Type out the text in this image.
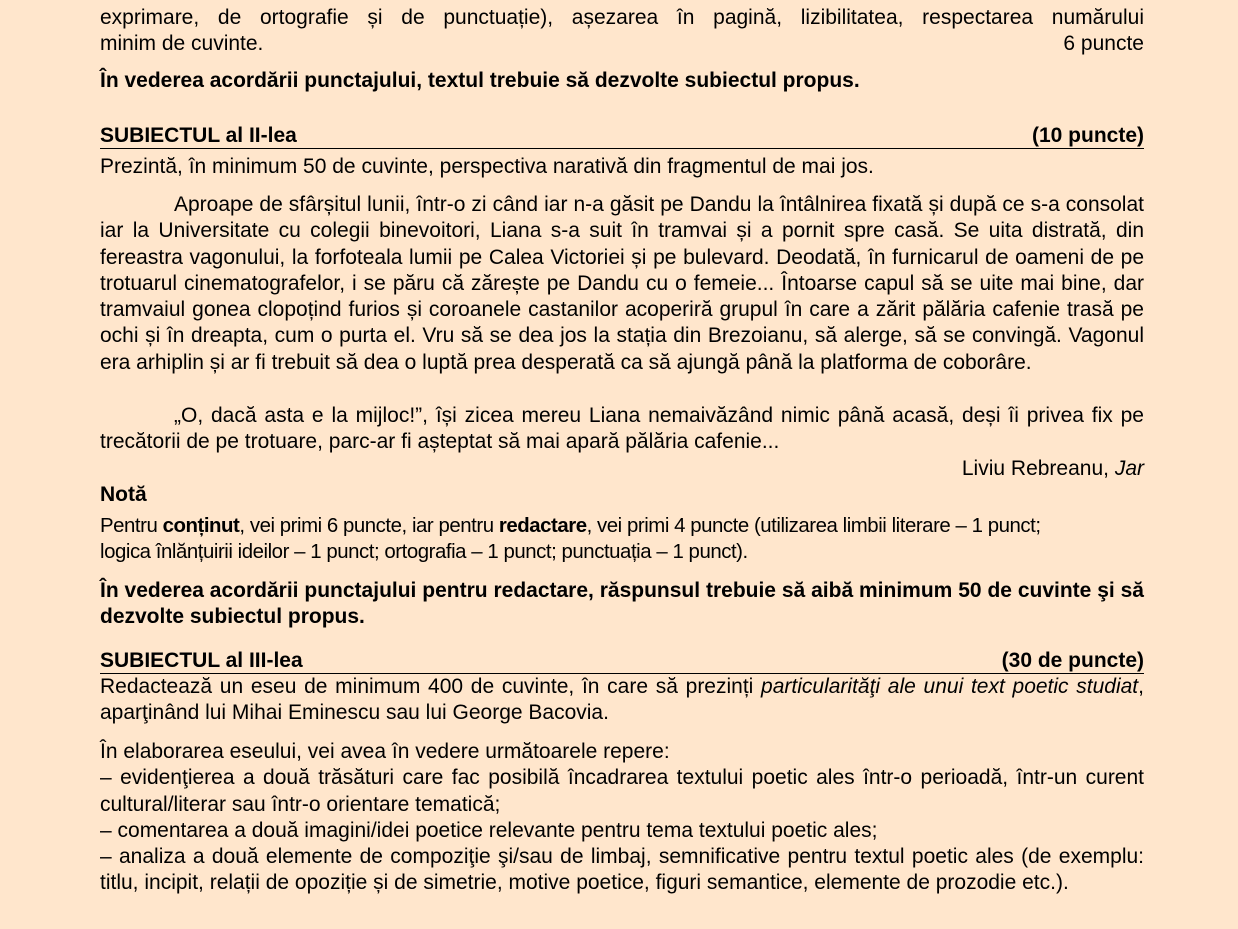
exprimare, de ortografie și de punctuație), așezarea în pagină, lizibilitatea, respectarea numărului

minim de cuvinte.	6 puncte

În vederea acordării punctajului, textul trebuie să dezvolte subiectul propus.

SUBIECTUL al II-lea	(10 puncte)

Prezintă, în minimum 50 de cuvinte, perspectiva narativă din fragmentul de mai jos.

Aproape de sfârșitul lunii, într-o zi când iar n-a găsit pe Dandu la întâlnirea fixată și după ce s-a consolat iar la Universitate cu colegii binevoitori, Liana s-a suit în tramvai și a pornit spre casă. Se uita distrată, din fereastra vagonului, la forfoteala lumii pe Calea Victoriei și pe bulevard. Deodată, în furnicarul de oameni de pe trotuarul cinematografelor, i se păru că zărește pe Dandu cu o femeie... Întoarse capul să se uite mai bine, dar tramvaiul gonea clopoțind furios și coroanele castanilor acoperiră grupul în care a zărit pălăria cafenie trasă pe ochi și în dreapta, cum o purta el. Vru să se dea jos la stația din Brezoianu, să alerge, să se convingă. Vagonul era arhiplin și ar fi trebuit să dea o luptă prea desperată ca să ajungă până la platforma de coborâre.

„O, dacă asta e la mijloc!”, își zicea mereu Liana nemaivăzând nimic până acasă, deși îi privea fix pe trecătorii de pe trotuare, parc-ar fi așteptat să mai apară pălăria cafenie...

Liviu Rebreanu, Jar

Notă

Pentru conținut, vei primi 6 puncte, iar pentru redactare, vei primi 4 puncte (utilizarea limbii literare – 1 punct;

logica înlănțuirii ideilor – 1 punct; ortografia – 1 punct; punctuația – 1 punct).

În vederea acordării punctajului pentru redactare, răspunsul trebuie să aibă minimum 50 de cuvinte şi să dezvolte subiectul propus.

SUBIECTUL al III-lea	(30 de puncte)

Redactează un eseu de minimum 400 de cuvinte, în care să prezinți particularităţi ale unui text poetic studiat, aparţinând lui Mihai Eminescu sau lui George Bacovia.

În elaborarea eseului, vei avea în vedere următoarele repere:

– evidenţierea a două trăsături care fac posibilă încadrarea textului poetic ales într-o perioadă, într-un curent cultural/literar sau într-o orientare tematică;

– comentarea a două imagini/idei poetice relevante pentru tema textului poetic ales;

– analiza a două elemente de compoziţie şi/sau de limbaj, semnificative pentru textul poetic ales (de exemplu: titlu, incipit, relații de opoziție și de simetrie, motive poetice, figuri semantice, elemente de prozodie etc.).
